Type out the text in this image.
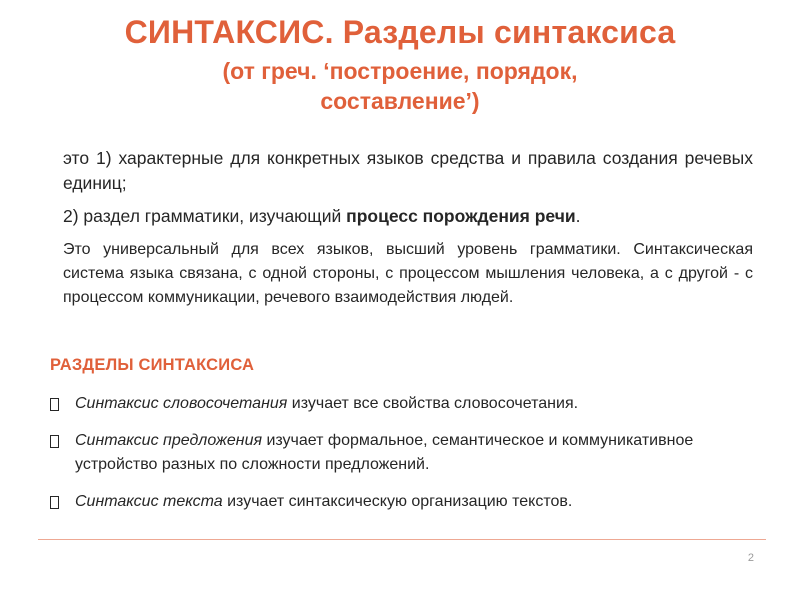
СИНТАКСИС. Разделы синтаксиса
(от греч. ‘построение, порядок,
составление’)

это 1) характерные для конкретных языков средства и правила создания речевых единиц;

2) раздел грамматики, изучающий процесс порождения речи.

Это универсальный для всех языков, высший уровень грамматики. Синтаксическая система языка связана, с одной стороны, с процессом мышления человека, а с другой - с процессом коммуникации, речевого взаимодействия людей.

РАЗДЕЛЫ СИНТАКСИСА
Синтаксис словосочетания изучает все свойства словосочетания.
Синтаксис предложения изучает формальное, семантическое и коммуникативное устройство разных по сложности предложений.
Синтаксис текста изучает синтаксическую организацию текстов.
2
